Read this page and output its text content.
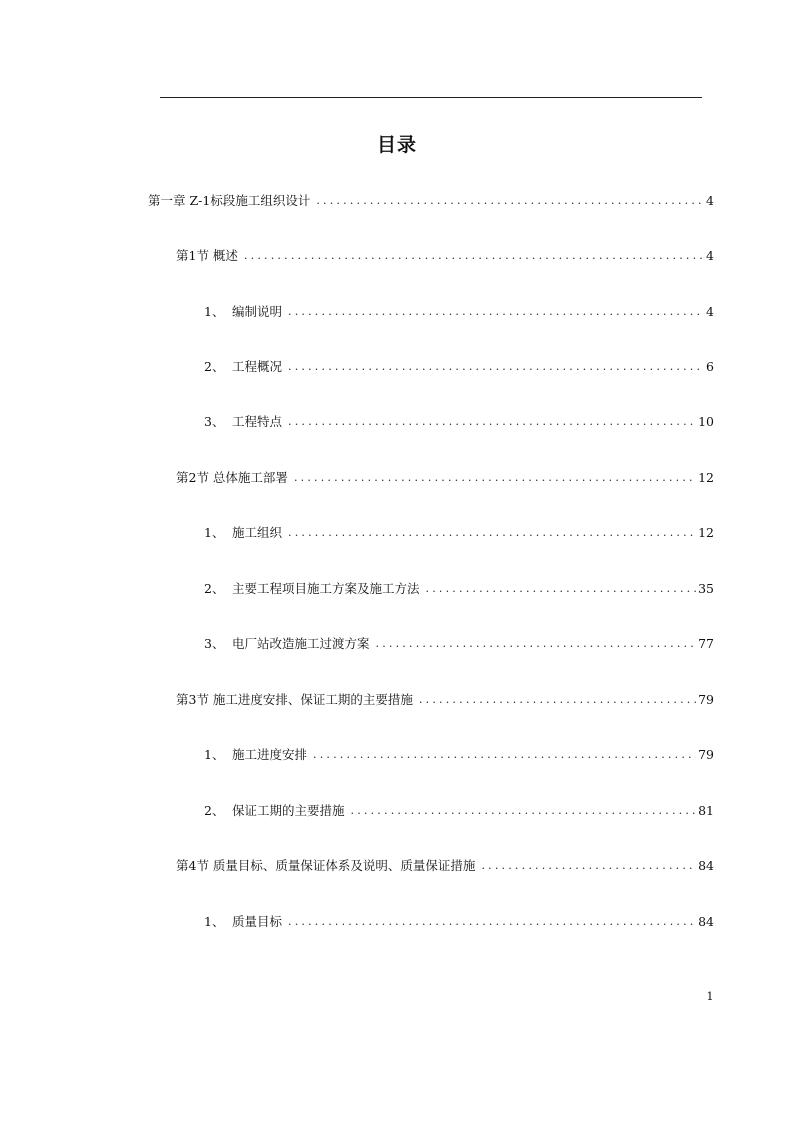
目录
第一章 Z-1标段施工组织设计 .....	4
第1节 概述 .....	4
1、 编制说明 .....	4
2、 工程概况 .....	6
3、 工程特点 .....	10
第2节 总体施工部署 .....	12
1、 施工组织 .....	12
2、 主要工程项目施工方案及施工方法 .....	35
3、 电厂站改造施工过渡方案 .....	77
第3节 施工进度安排、保证工期的主要措施 .....	79
1、 施工进度安排 .....	79
2、 保证工期的主要措施 .....	81
第4节 质量目标、质量保证体系及说明、质量保证措施 .....	84
1、 质量目标 .....	84
1
